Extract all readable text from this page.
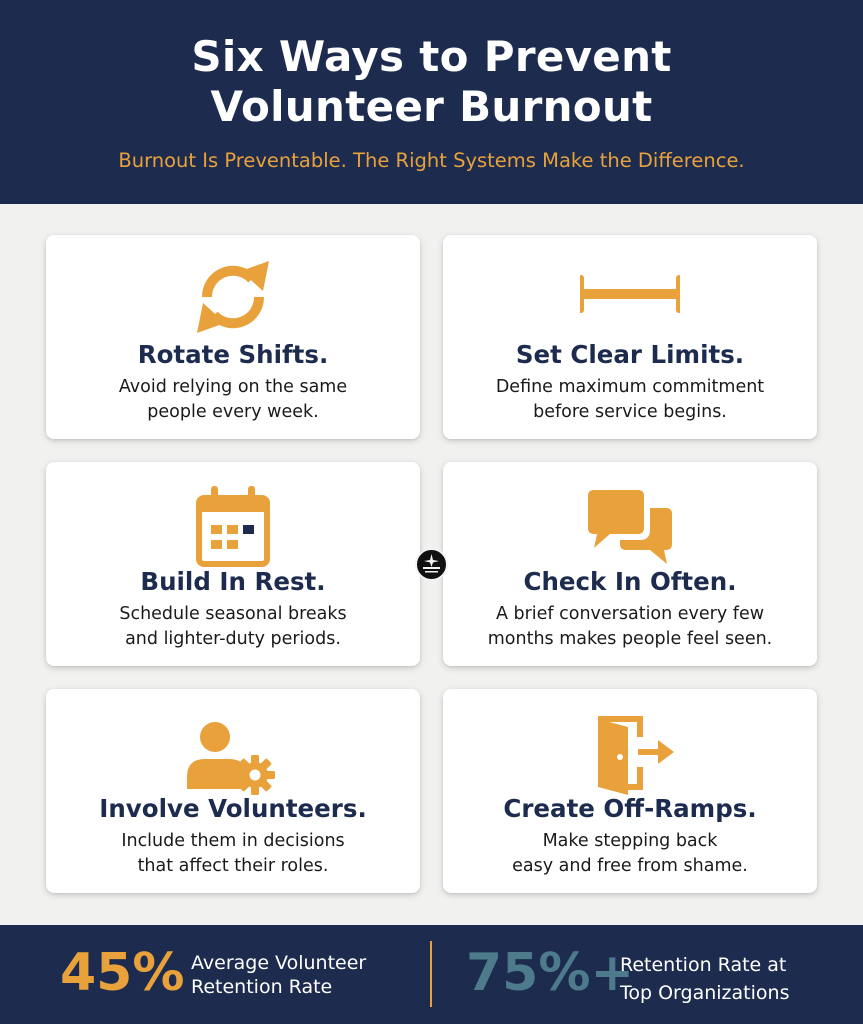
Six Ways to Prevent
Volunteer Burnout
Burnout Is Preventable. The Right Systems Make the Difference.
Rotate Shifts.
Avoid relying on the same
people every week.
Set Clear Limits.
Define maximum commitment
before service begins.
Build In Rest.
Schedule seasonal breaks
and lighter-duty periods.
Check In Often.
A brief conversation every few
months makes people feel seen.
Involve Volunteers.
Include them in decisions
that affect their roles.
Create Off-Ramps.
Make stepping back
easy and free from shame.
45% Average Volunteer
Retention Rate	75%+
Retention Rate at
Top Organizations
